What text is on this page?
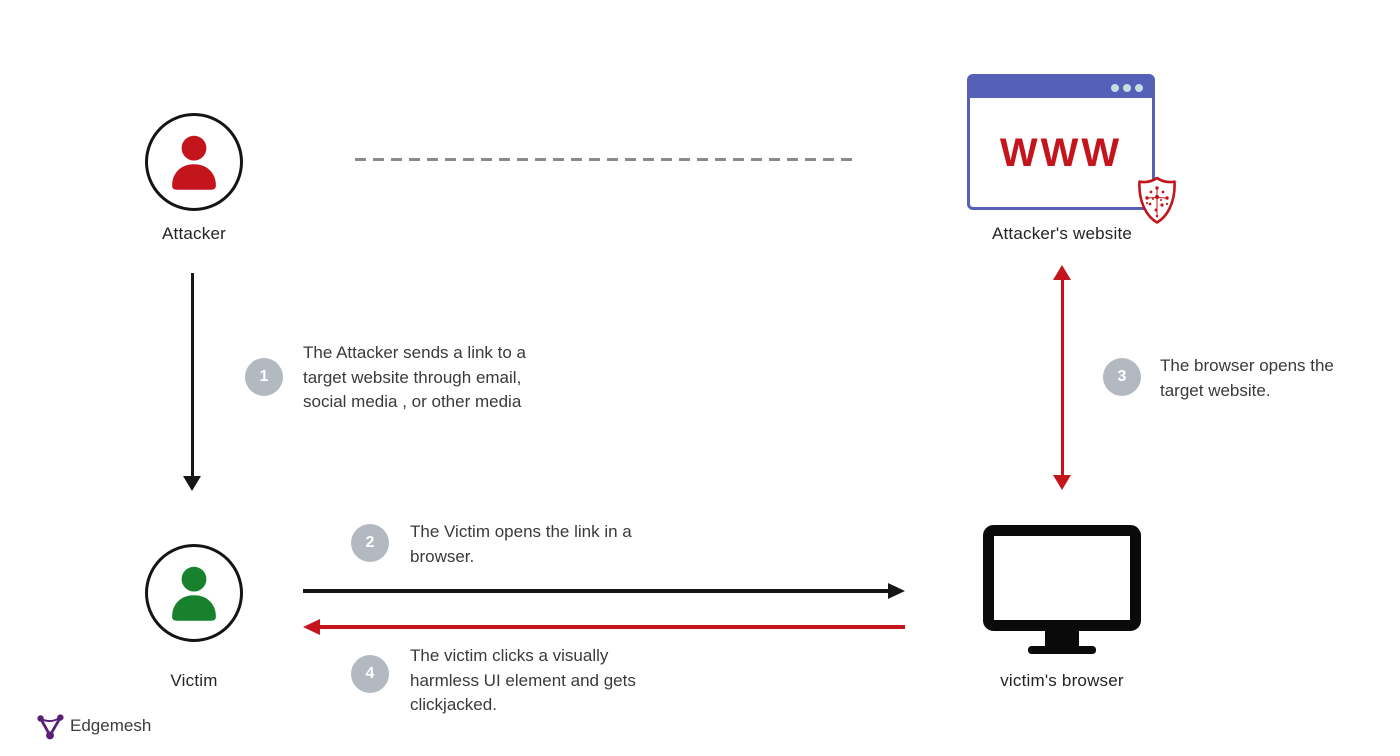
Attacker
WWW
Attacker's website
1
The Attacker sends a link to a target website through email, social media , or other media
3
The browser opens the target website.
Victim
2
The Victim opens the link in a browser.
4
The victim clicks a visually harmless UI element and gets clickjacked.
victim's browser
Edgemesh
